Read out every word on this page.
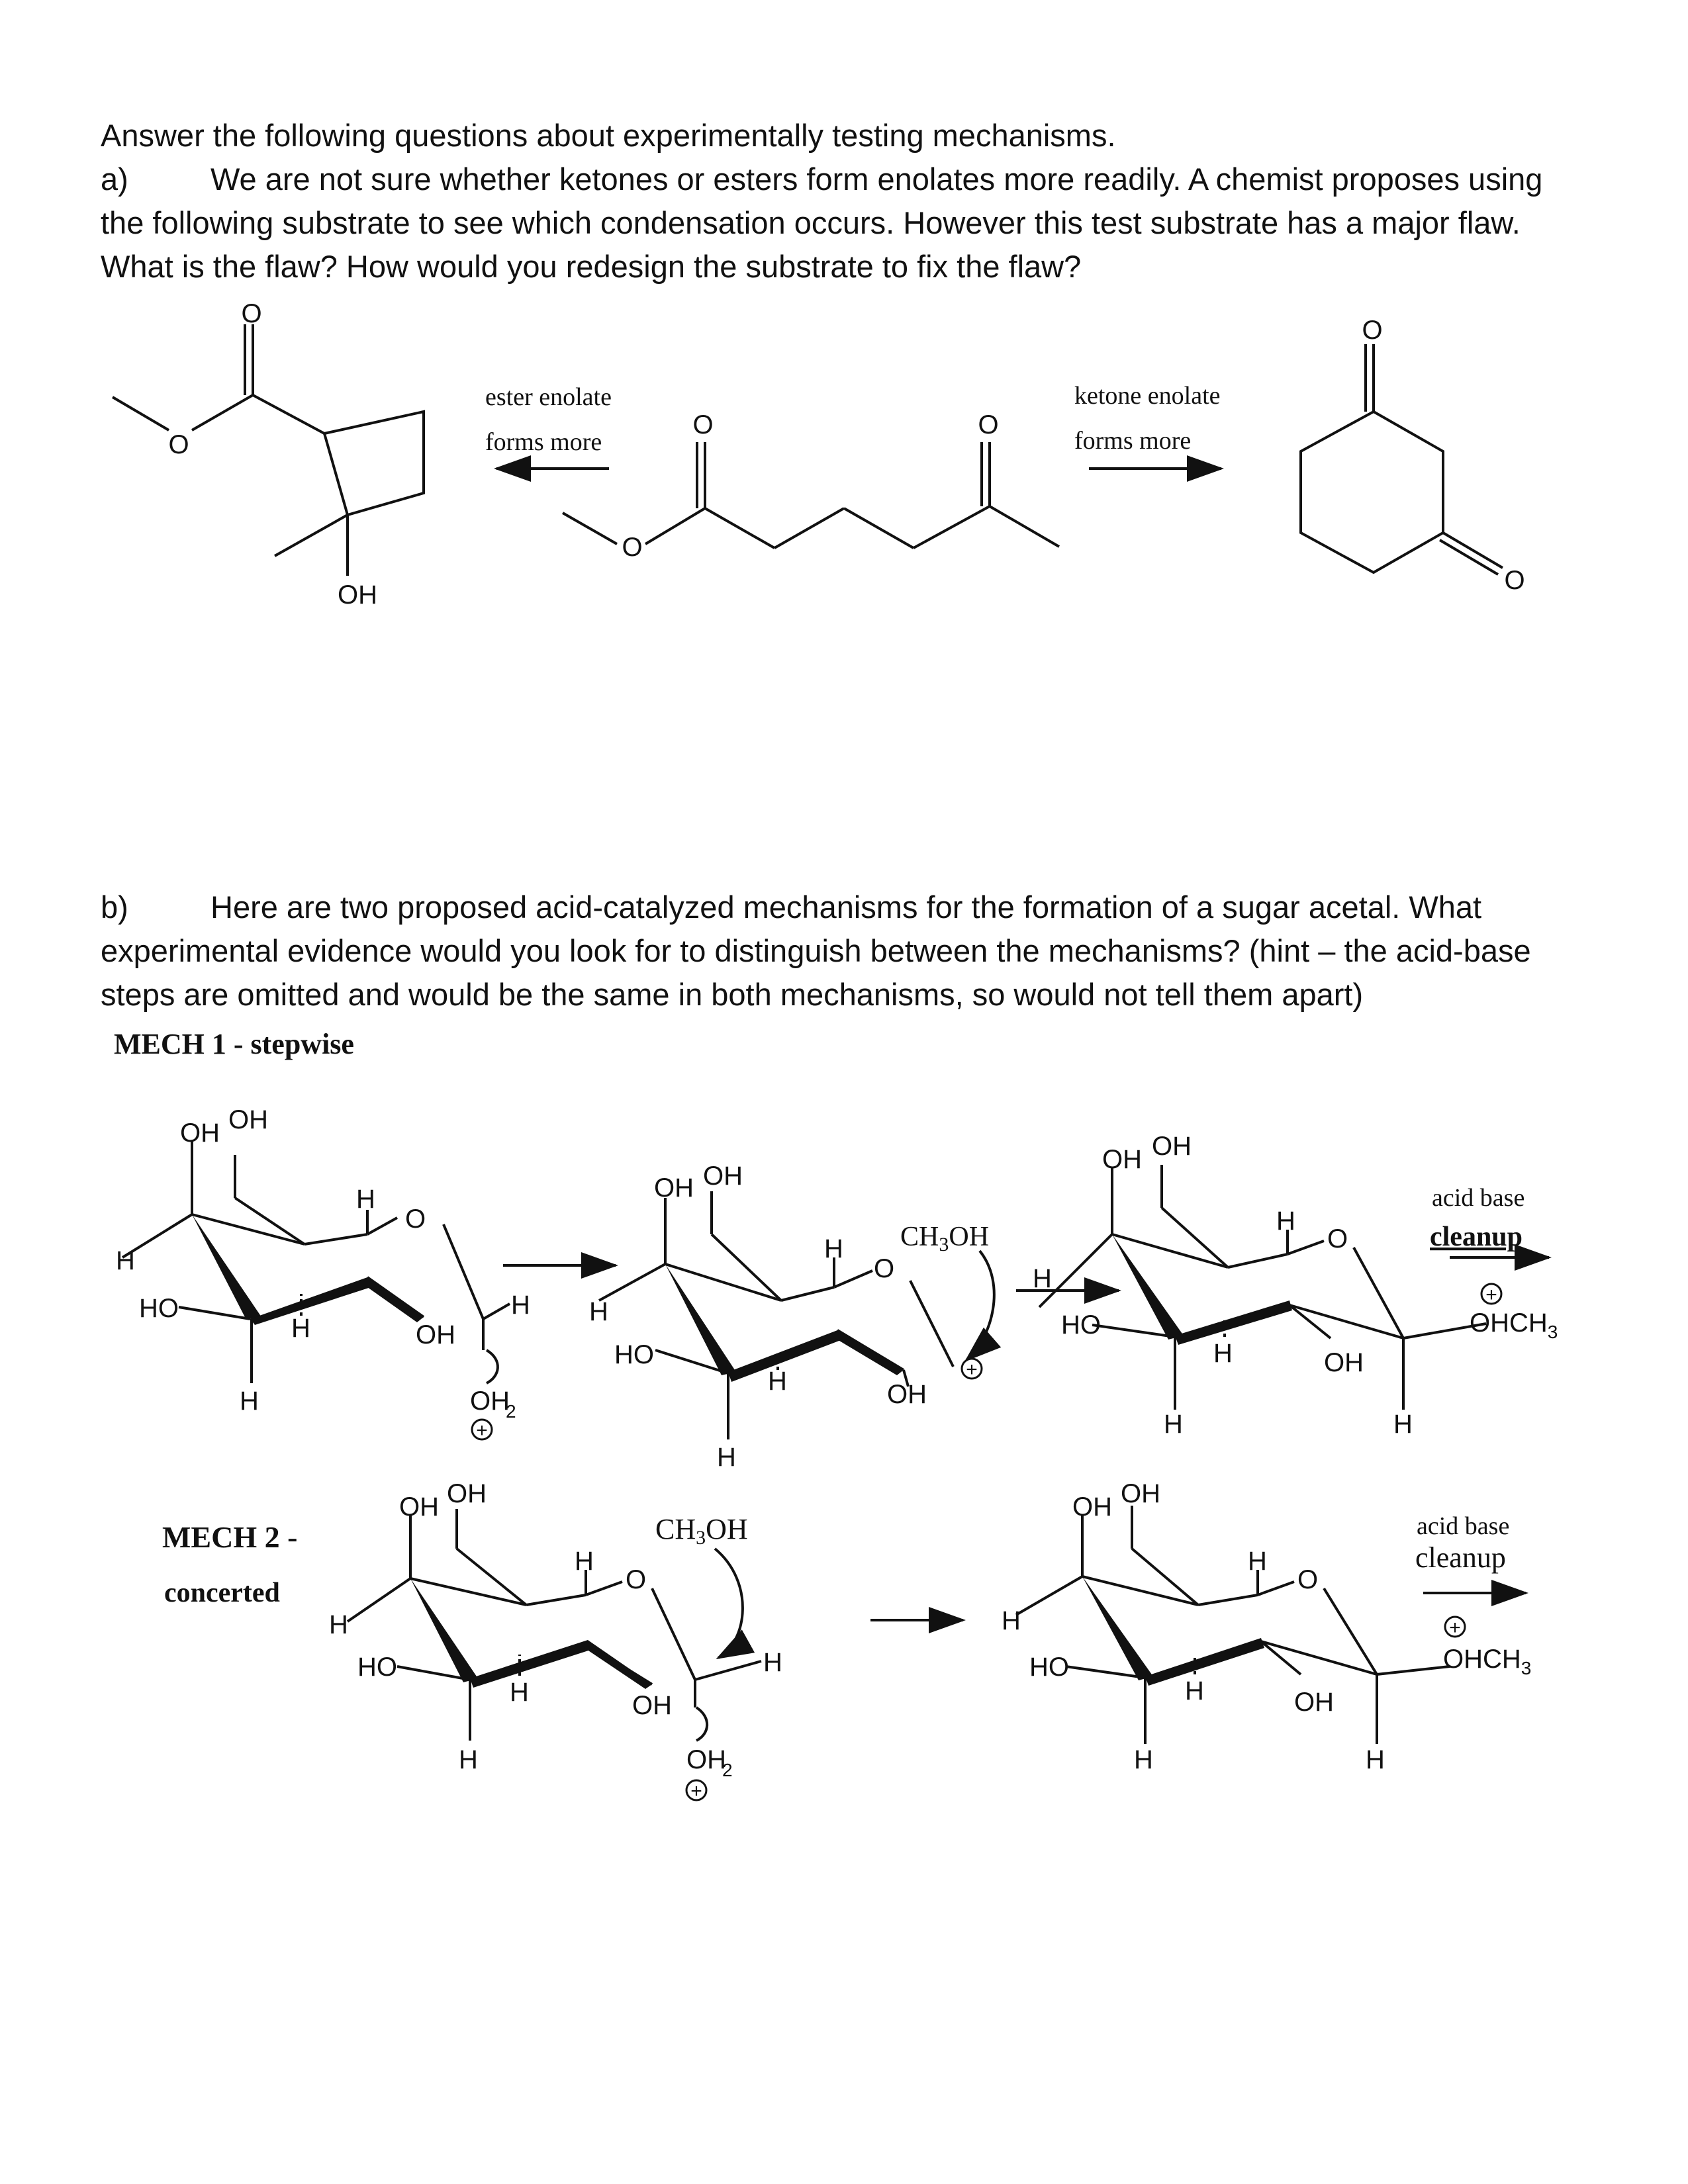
Answer the following questions about experimentally testing mechanisms.
a)	We are not sure whether ketones or esters form enolates more readily. A chemist proposes using the following substrate to see which condensation occurs. However this test substrate has a major flaw. What is the flaw? How would you redesign the substrate to fix the flaw?
b)	Here are two proposed acid-catalyzed mechanisms for the formation of a sugar acetal. What experimental evidence would you look for to distinguish between the mechanisms? (hint – the acid-base steps are omitted and would be the same in both mechanisms, so would not tell them apart)
O
O
OH
O
O
O
O
O
ester enolate
forms more
ketone enolate
forms more
MECH 1 - stepwise
H
HO
OH OH
H
O
H	OH
H
H	OH
2
+
H
HO
OH OH
H
O
H	OH
H
CH3OH
+
H
HO
OH OH
H
O
H	OH
H	H
acid base
cleanup
+
$OHCH_3$
MECH 2 -
concerted
H
HO
OH OH
H
O
H	OH
H
H	OH
2
+
CH3OH
H
HO
OH OH
H
O
H	OH
H	H
acid base
cleanup
+
$OHCH_3$
